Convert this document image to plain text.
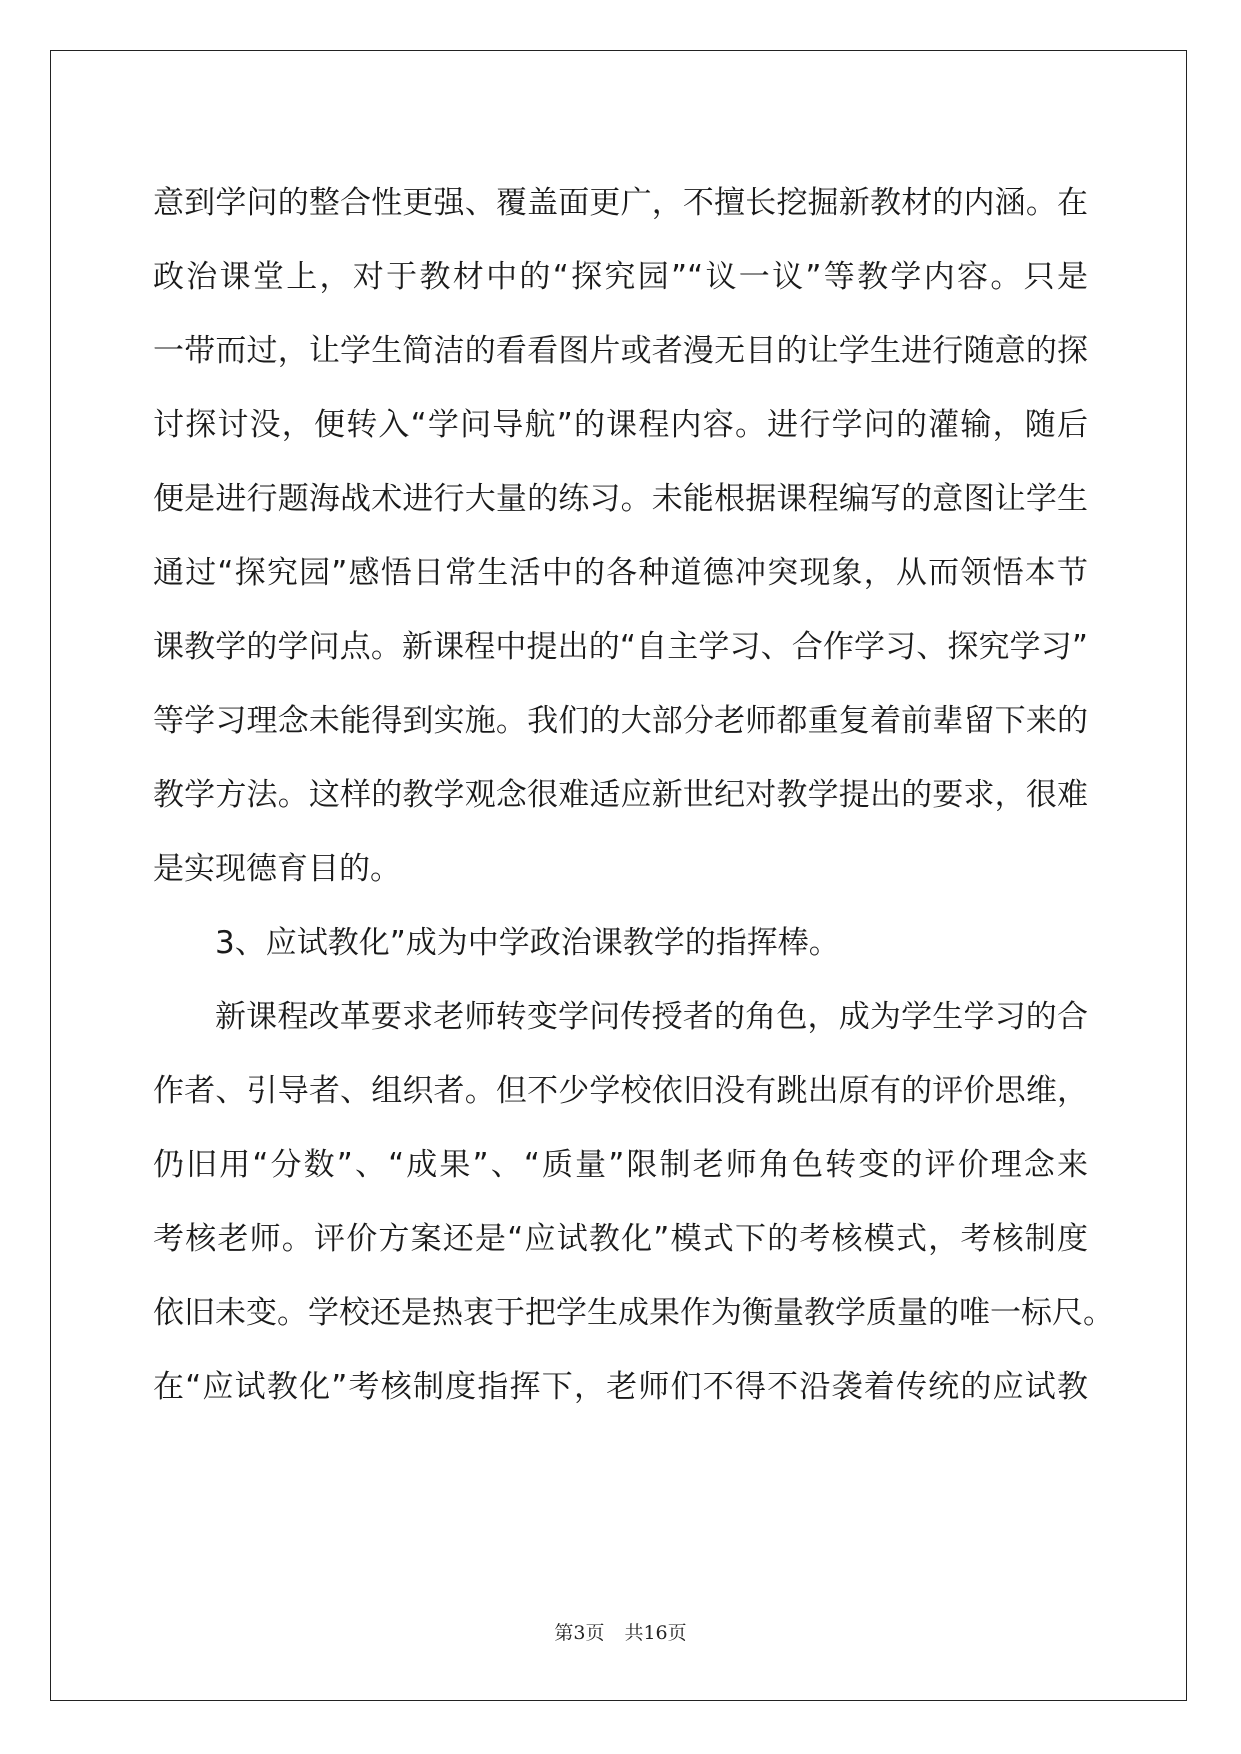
意到学问的整合性更强、覆盖面更广，不擅长挖掘新教材的内涵。在
政治课堂上，对于教材中的“探究园”“议一议”等教学内容。只是
一带而过，让学生简洁的看看图片或者漫无目的让学生进行随意的探
讨探讨没，便转入“学问导航”的课程内容。进行学问的灌输，随后
便是进行题海战术进行大量的练习。未能根据课程编写的意图让学生
通过“探究园”感悟日常生活中的各种道德冲突现象，从而领悟本节
课教学的学问点。新课程中提出的“自主学习、合作学习、探究学习”
等学习理念未能得到实施。我们的大部分老师都重复着前辈留下来的
教学方法。这样的教学观念很难适应新世纪对教学提出的要求，很难
是实现德育目的。
3、应试教化”成为中学政治课教学的指挥棒。
新课程改革要求老师转变学问传授者的角色，成为学生学习的合
作者、引导者、组织者。但不少学校依旧没有跳出原有的评价思维，
仍旧用“分数”、“成果”、“质量”限制老师角色转变的评价理念来
考核老师。评价方案还是“应试教化”模式下的考核模式，考核制度
依旧未变。学校还是热衷于把学生成果作为衡量教学质量的唯一标尺。
在“应试教化”考核制度指挥下，老师们不得不沿袭着传统的应试教
第3页 共16页
